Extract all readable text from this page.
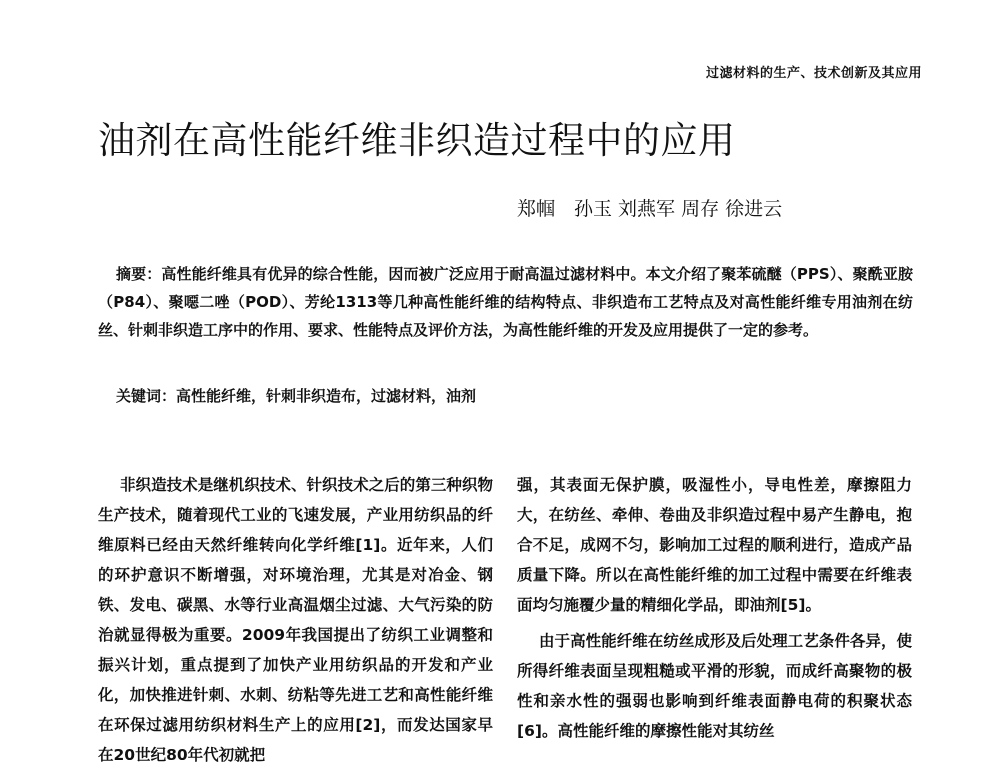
过滤材料的生产、技术创新及其应用
油剂在高性能纤维非织造过程中的应用
郑帼　孙玉 刘燕军 周存 徐进云

摘要：高性能纤维具有优异的综合性能，因而被广泛应用于耐高温过滤材料中。本文介绍了聚苯硫醚（PPS）、聚酰亚胺（P84）、聚噁二唑（POD）、芳纶1313等几种高性能纤维的结构特点、非织造布工艺特点及对高性能纤维专用油剂在纺丝、针刺非织造工序中的作用、要求、性能特点及评价方法，为高性能纤维的开发及应用提供了一定的参考。

关键词：高性能纤维，针刺非织造布，过滤材料，油剂

非织造技术是继机织技术、针织技术之后的第三种织物生产技术，随着现代工业的飞速发展，产业用纺织品的纤维原料已经由天然纤维转向化学纤维[1]。近年来，人们的环护意识不断增强，对环境治理，尤其是对冶金、钢铁、发电、碳黑、水等行业高温烟尘过滤、大气污染的防治就显得极为重要。2009年我国提出了纺织工业调整和振兴计划，重点提到了加快产业用纺织品的开发和产业化，加快推进针刺、水刺、纺粘等先进工艺和高性能纤维在环保过滤用纺织材料生产上的应用[2]，而发达国家早在20世纪80年代初就把

强，其表面无保护膜，吸湿性小，导电性差，摩擦阻力大，在纺丝、牵伸、卷曲及非织造过程中易产生静电，抱合不足，成网不匀，影响加工过程的顺利进行，造成产品质量下降。所以在高性能纤维的加工过程中需要在纤维表面均匀施覆少量的精细化学品，即油剂[5]。

由于高性能纤维在纺丝成形及后处理工艺条件各异，使所得纤维表面呈现粗糙或平滑的形貌，而成纤高聚物的极性和亲水性的强弱也影响到纤维表面静电荷的积聚状态[6]。高性能纤维的摩擦性能对其纺丝
